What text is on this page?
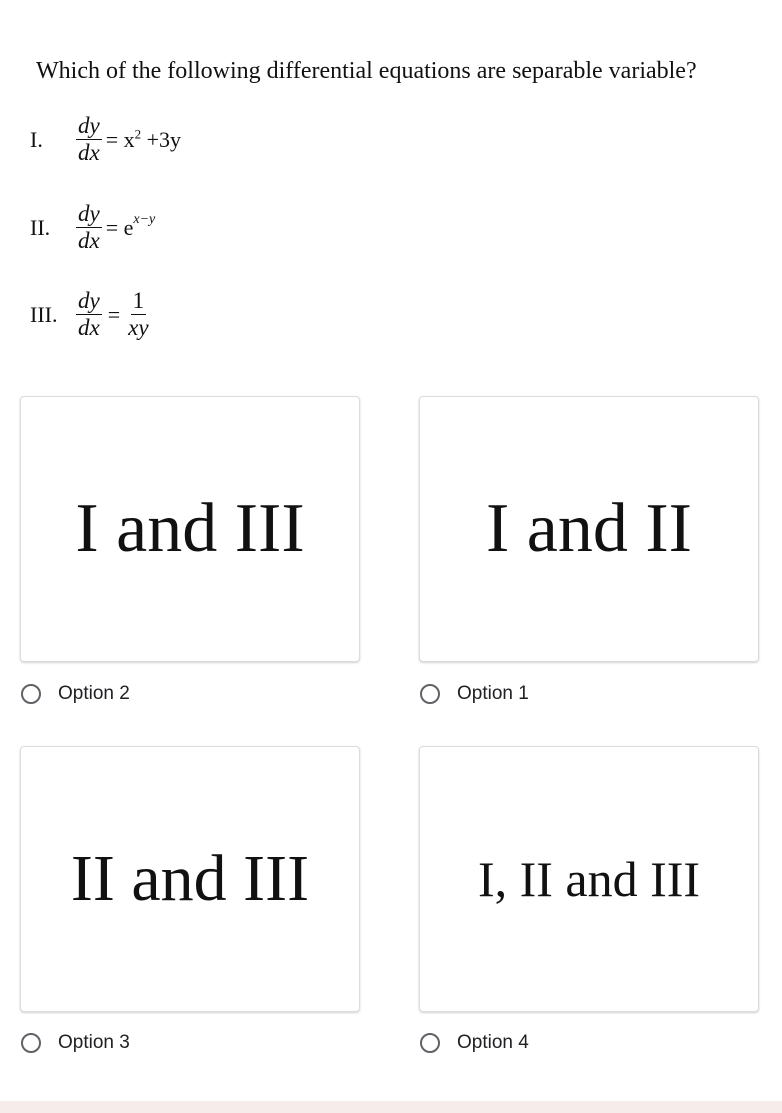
Which of the following differential equations are separable variable?
I.	$\frac{dy}{dx} = x^2 +3y$
II.	$\frac{dy}{dx} = e^{x-y}$
III. $\frac{dy}{dx} = \frac{1}{xy}$
I and III
Option 2
I and II
Option 1
II and III
Option 3
I, II and III
Option 4
